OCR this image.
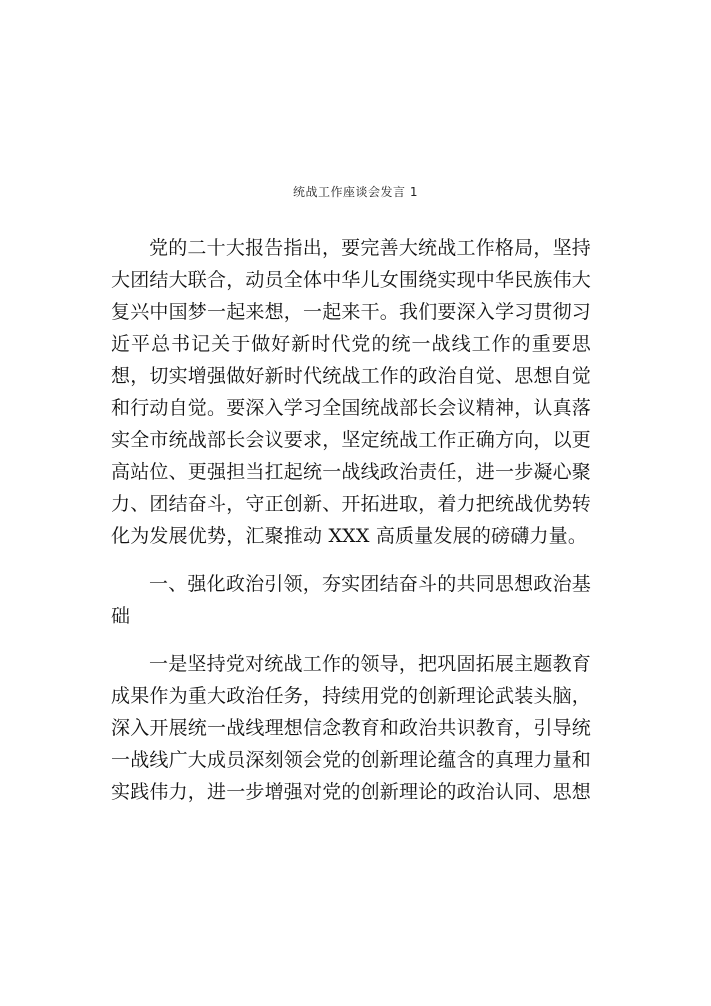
统战工作座谈会发言 1

党的二十大报告指出，要完善大统战工作格局，坚持大团结大联合，动员全体中华儿女围绕实现中华民族伟大复兴中国梦一起来想，一起来干。我们要深入学习贯彻习近平总书记关于做好新时代党的统一战线工作的重要思想，切实增强做好新时代统战工作的政治自觉、思想自觉和行动自觉。要深入学习全国统战部长会议精神，认真落实全市统战部长会议要求，坚定统战工作正确方向，以更高站位、更强担当扛起统一战线政治责任，进一步凝心聚力、团结奋斗，守正创新、开拓进取，着力把统战优势转化为发展优势，汇聚推动 XXX 高质量发展的磅礴力量。

一、强化政治引领，夯实团结奋斗的共同思想政治基础

一是坚持党对统战工作的领导，把巩固拓展主题教育成果作为重大政治任务，持续用党的创新理论武装头脑，深入开展统一战线理想信念教育和政治共识教育，引导统一战线广大成员深刻领会党的创新理论蕴含的真理力量和实践伟力，进一步增强对党的创新理论的政治认同、思想
